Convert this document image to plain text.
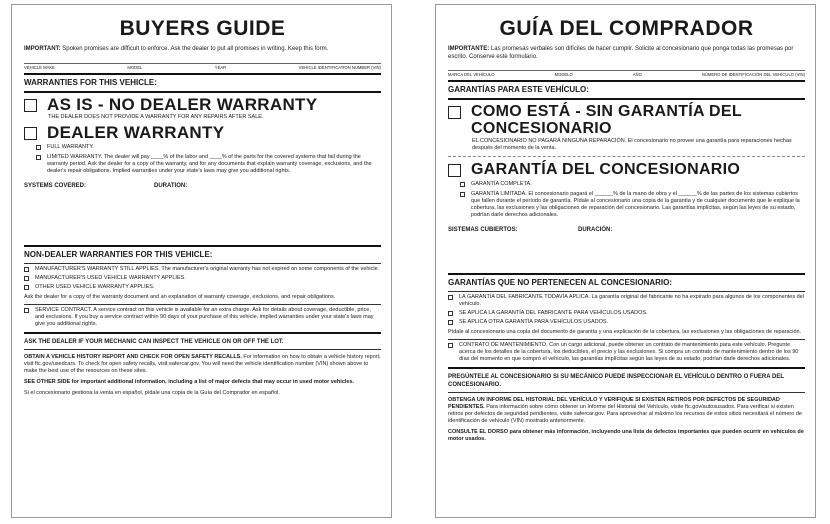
BUYERS GUIDE
IMPORTANT: Spoken promises are difficult to enforce. Ask the dealer to put all promises in writing. Keep this form.
VEHICLE MAKE	MODEL	YEAR	VEHICLE IDENTIFICATION NUMBER (VIN)
WARRANTIES FOR THIS VEHICLE:
AS IS - NO DEALER WARRANTY
THE DEALER DOES NOT PROVIDE A WARRANTY FOR ANY REPAIRS AFTER SALE.
DEALER WARRANTY
FULL WARRANTY.
LIMITED WARRANTY. The dealer will pay ____% of the labor and ____% of the parts for the covered systems that fail during the warranty period. Ask the dealer for a copy of the warranty, and for any documents that explain warranty coverage, exclusions, and the dealer's repair obligations. Implied warranties under your state's laws may give you additional rights.
SYSTEMS COVERED:	DURATION:
NON-DEALER WARRANTIES FOR THIS VEHICLE:
MANUFACTURER'S WARRANTY STILL APPLIES. The manufacturer's original warranty has not expired on some components of the vehicle.
MANUFACTURER'S USED VEHICLE WARRANTY APPLIES.
OTHER USED VEHICLE WARRANTY APPLIES.
Ask the dealer for a copy of the warranty document and an explanation of warranty coverage, exclusions, and repair obligations.
SERVICE CONTRACT. A service contract on this vehicle is available for an extra charge. Ask for details about coverage, deductible, price, and exclusions. If you buy a service contract within 90 days of your purchase of this vehicle, implied warranties under your state's laws may give you additional rights.
ASK THE DEALER IF YOUR MECHANIC CAN INSPECT THE VEHICLE ON OR OFF THE LOT.
OBTAIN A VEHICLE HISTORY REPORT AND CHECK FOR OPEN SAFETY RECALLS. For information on how to obtain a vehicle history report, visit ftc.gov/usedcars. To check for open safety recalls, visit safercar.gov. You will need the vehicle identification number (VIN) shown above to make the best use of the resources on these sites.
SEE OTHER SIDE for important additional information, including a list of major defects that may occur in used motor vehicles.
Si el concesionario gestiona la venta en español, pídale una copia de la Guía del Comprador en español.
GUÍA DEL COMPRADOR
IMPORTANTE: Las promesas verbales son difíciles de hacer cumplir. Solicite al concesionario que ponga todas las promesas por escrito. Conserve este formulario.
MARCA DEL VEHÍCULO	MODELO	AÑO	NÚMERO DE IDENTIFICACIÓN DEL VEHÍCULO (VIN)
GARANTÍAS PARA ESTE VEHÍCULO:
COMO ESTÁ - SIN GARANTÍA DEL CONCESIONARIO
EL CONCESIONARIO NO PAGARÁ NINGUNA REPARACIÓN. El concesionario no provee una garantía para reparaciones hechas después del momento de la venta.
GARANTÍA DEL CONCESIONARIO
GARANTÍA COMPLETA.
GARANTÍA LIMITADA. El concesionario pagará el ______% de la mano de obra y el ______% de las partes de los sistemas cubiertos que fallen durante el período de garantía. Pídale al concesionario una copia de la garantía y de cualquier documento que le explique la cobertura, las exclusiones y las obligaciones de reparación del concesionario. Las garantías implícitas, según las leyes de su estado, podrían darle derechos adicionales.
SISTEMAS CUBIERTOS:	DURACIÓN:
GARANTÍAS QUE NO PERTENECEN AL CONCESIONARIO:
LA GARANTÍA DEL FABRICANTE TODAVÍA APLICA. La garantía original del fabricante no ha expirado para algunos de los componentes del vehículo.
SE APLICA LA GARANTÍA DEL FABRICANTE PARA VEHÍCULOS USADOS.
SE APLICA OTRA GARANTÍA PARA VEHÍCULOS USADOS.
Pídale al concesionario una copia del documento de garantía y una explicación de la cobertura, las exclusiones y las obligaciones de reparación.
CONTRATO DE MANTENIMIENTO. Con un cargo adicional, puede obtener un contrato de mantenimiento para este vehículo. Pregunte acerca de los detalles de la cobertura, los deducibles, el precio y las exclusiones. Si compra un contrato de mantenimiento dentro de los 90 días del momento en que compró el vehículo, las garantías implícitas según las leyes de su estado, podrían darle derechos adicionales.
PREGÚNTELE AL CONCESIONARIO SI SU MECÁNICO PUEDE INSPECCIONAR EL VEHÍCULO DENTRO O FUERA DEL CONCESIONARIO.
OBTENGA UN INFORME DEL HISTORIAL DEL VEHÍCULO Y VERIFIQUE SI EXISTEN RETIROS POR DEFECTOS DE SEGURIDAD PENDIENTES. Para información sobre cómo obtener un Informe del Historial del Vehículo, visite ftc.gov/autosusados. Para verificar si existen retiros por defectos de seguridad pendientes, visite safercar.gov. Para aprovechar al máximo los recursos de estos sitios necesitará el número de identificación de vehículo (VIN) mostrado anteriormente.
CONSULTE EL DORSO para obtener más información, incluyendo una lista de defectos importantes que pueden ocurrir en vehículos de motor usados.
